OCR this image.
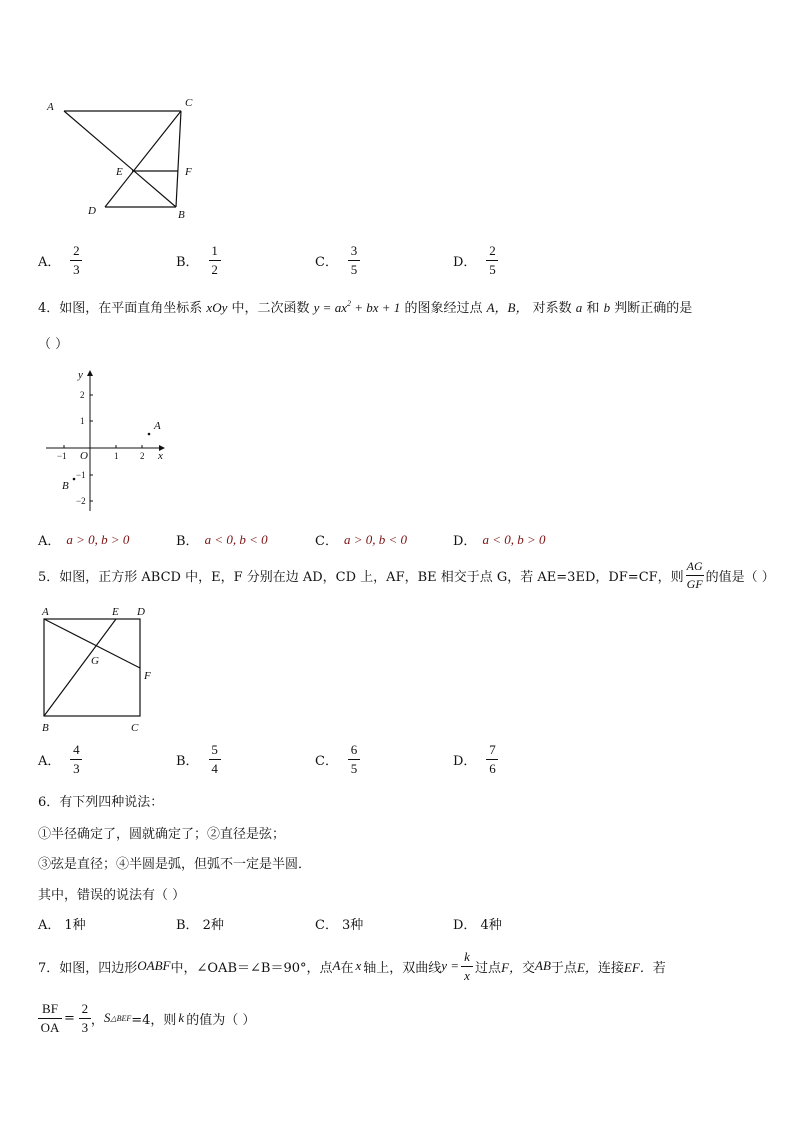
A	C
E	F
D	B
A． $\frac{2}{3}$	B． $\frac{1}{2}$	C． $\frac{3}{5}$	D． $\frac{2}{5}$
4．如图，在平面直角坐标系 xOy 中，二次函数 $y = ax^2$ + bx + 1 的图象经过点 A，B， 对系数 a 和 b 判断正确的是
（ ）
y
x
O
2
1
−1
−2
−1	1 2
A
B
A． a > 0, b > 0	B． a < 0, b < 0	C． a > 0, b < 0	D． a < 0, b > 0
5．如图，正方形 ABCD 中，E，F 分别在边 AD，CD 上，AF，BE 相交于点 G，若 AE=3ED，DF=CF，则 $\frac{AG}{GF}$ 的值是（ ）
A	E D
G
F
B	C
A． $\frac{4}{3}$	B． $\frac{5}{4}$	C． $\frac{6}{5}$	D． $\frac{7}{6}$
6．有下列四种说法：
①半径确定了，圆就确定了；②直径是弦；
③弦是直径；④半圆是弧，但弧不一定是半圆．
其中，错误的说法有（ ）
A． 1种	B． 2种	C． 3种	D． 4种
7．如图，四边形 OABF 中，∠OAB＝∠B＝90°，点 A 在 x 轴上，双曲线 $y = \frac{k}{x}$ 过点 F， 交 AB 于点 E， 连接 EF． 若
$\frac{BF}{OA} = \frac{2}{3}$ ， S △BEF =4，则 k 的值为（ ）
